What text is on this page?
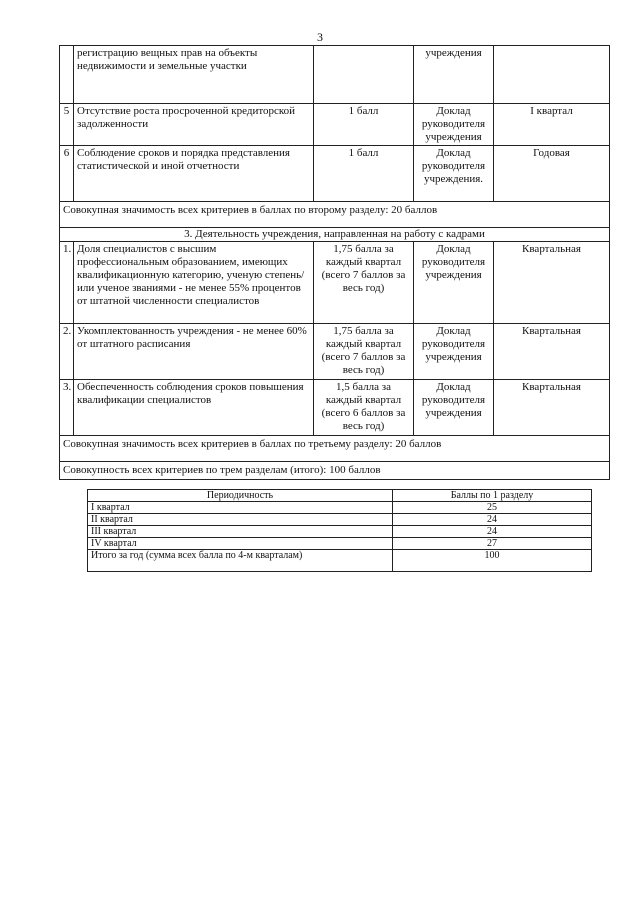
3
	регистрацию вещных прав на объекты недвижимости и земельные участки		учреждения	
5	Отсутствие роста просроченной кредиторской задолженности	1 балл	Доклад руководителя учреждения	I квартал
6	Соблюдение сроков и порядка представления статистической и иной отчетности	1 балл	Доклад руководителя учреждения.	Годовая
Совокупная значимость всех критериев в баллах по второму разделу: 20 баллов				
3. Деятельность учреждения, направленная на работу с кадрами				
1.	Доля специалистов с высшим профессиональным образованием, имеющих квалификационную категорию, ученую степень/или ученое званиями - не менее 55% процентов от штатной численности специалистов	1,75 балла за каждый квартал (всего 7 баллов за весь год)	Доклад руководителя учреждения	Квартальная
2.	Укомплектованность учреждения - не менее 60% от штатного расписания	1,75 балла за каждый квартал (всего 7 баллов за весь год)	Доклад руководителя учреждения	Квартальная
3.	Обеспеченность соблюдения сроков повышения квалификации специалистов	1,5 балла за каждый квартал (всего 6 баллов за весь год)	Доклад руководителя учреждения	Квартальная
Совокупная значимость всех критериев в баллах по третьему разделу: 20 баллов				
Совокупность всех критериев по трем разделам (итого): 100 баллов				
Периодичность	Баллы по 1 разделу
I квартал	25
II квартал	24
III квартал	24
IV квартал	27
Итого за год (сумма всех балла по 4-м кварталам)	100
